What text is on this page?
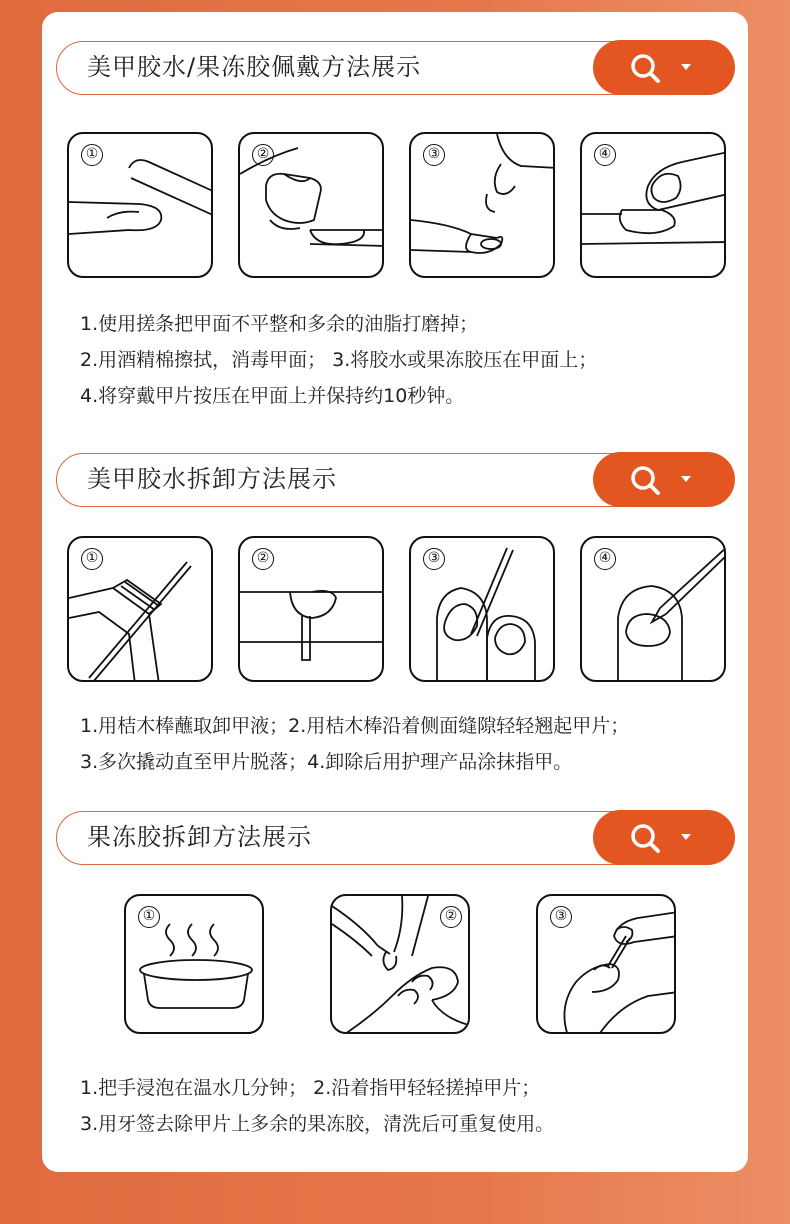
美甲胶水/果冻胶佩戴方法展示
①	②	③	④
1.使用搓条把甲面不平整和多余的油脂打磨掉；
2.用酒精棉擦拭，消毒甲面； 3.将胶水或果冻胶压在甲面上；
4.将穿戴甲片按压在甲面上并保持约10秒钟。
美甲胶水拆卸方法展示
①	②	③	④
1.用桔木棒蘸取卸甲液；2.用桔木棒沿着侧面缝隙轻轻翘起甲片；
3.多次撬动直至甲片脱落；4.卸除后用护理产品涂抹指甲。
果冻胶拆卸方法展示
①	②	③
1.把手浸泡在温水几分钟； 2.沿着指甲轻轻搓掉甲片；
3.用牙签去除甲片上多余的果冻胶，清洗后可重复使用。
